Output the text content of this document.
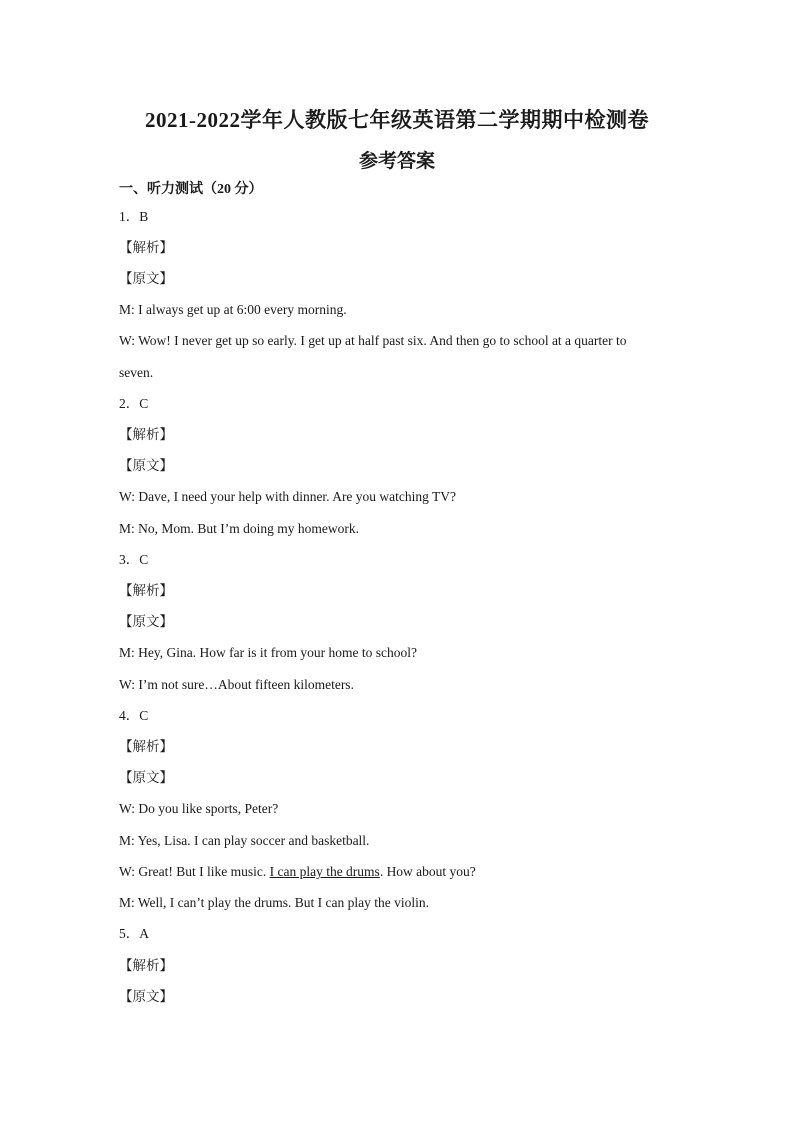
2021-2022学年人教版七年级英语第二学期期中检测卷
参考答案
一、听力测试（20 分）
1．B
【解析】
【原文】
M: I always get up at 6:00 every morning.
W: Wow! I never get up so early. I get up at half past six. And then go to school at a quarter to
seven.
2．C
【解析】
【原文】
W: Dave, I need your help with dinner. Are you watching TV?
M: No, Mom. But I’m doing my homework.
3．C
【解析】
【原文】
M: Hey, Gina. How far is it from your home to school?
W: I’m not sure…About fifteen kilometers.
4．C
【解析】
【原文】
W: Do you like sports, Peter?
M: Yes, Lisa. I can play soccer and basketball.
W: Great! But I like music. I can play the drums. How about you?
M: Well, I can’t play the drums. But I can play the violin.
5．A
【解析】
【原文】
